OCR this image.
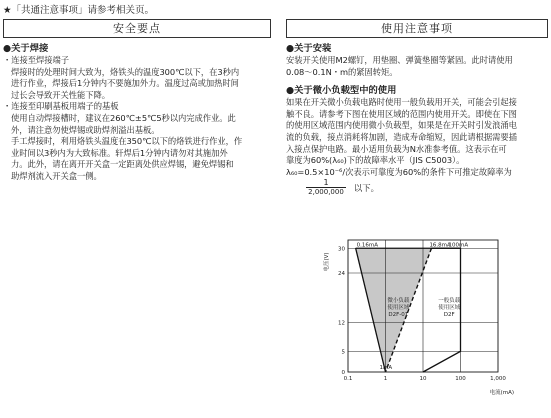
★「共通注意事项」请参考相关页。
安全要点
●关于焊接
・连接至焊接端子
焊接时的处理时间大致为，烙铁头的温度300℃以下，在3秒内
进行作业，焊接后1分钟内不要施加外力。温度过高或加热时间
过长会导致开关性能下降。
・连接至印刷基板用端子的基板
使用自动焊接槽时，建议在260℃±5℃5秒以内完成作业。此
外，请注意勿使焊锡或助焊剂溢出基板。
手工焊接时，利用烙铁头温度在350℃以下的烙铁进行作业，作
业时间以3秒内为大致标准。轩焊后1分钟内请勿对其施加外
力。此外，请在离开开关盒一定距离处供应焊锡，避免焊锡和
助焊剂流入开关盒一侧。
使用注意事项
●关于安装
安装开关使用M2螺钉，用垫圈、弹簧垫圈等紧固。此时请使用
0.08～0.1N・m的紧固转矩。
●关于微小负载型中的使用
如果在开关微小负载电路时使用一般负载用开关，可能会引起接
触不良。请参考下图在使用区域的范围内使用开关。即使在下图
的使用区域范围内使用微小负载型，如果是在开关时引发浪涌电
流的负载，接点消耗将加剧，造成寿命缩短，因此请根据需要插
入接点保护电路。最小适用负载为N水准参考值。这表示在可
靠度为60%(λ₆₀)下的故障率水平（JIS C5003）。
λ₆₀=0.5×10⁻⁶/次表示可靠度为60%的条件下可推定故障率为
1
2,000,000	以下。
0.1	1	10	100	1,000
0
5
12
24
30
0.16mA	16.8mA
100mA
1mA
微小负载
使用区域
D2F-01
一般负载
使用区域
D2F
电流(mA)
电压(V)
